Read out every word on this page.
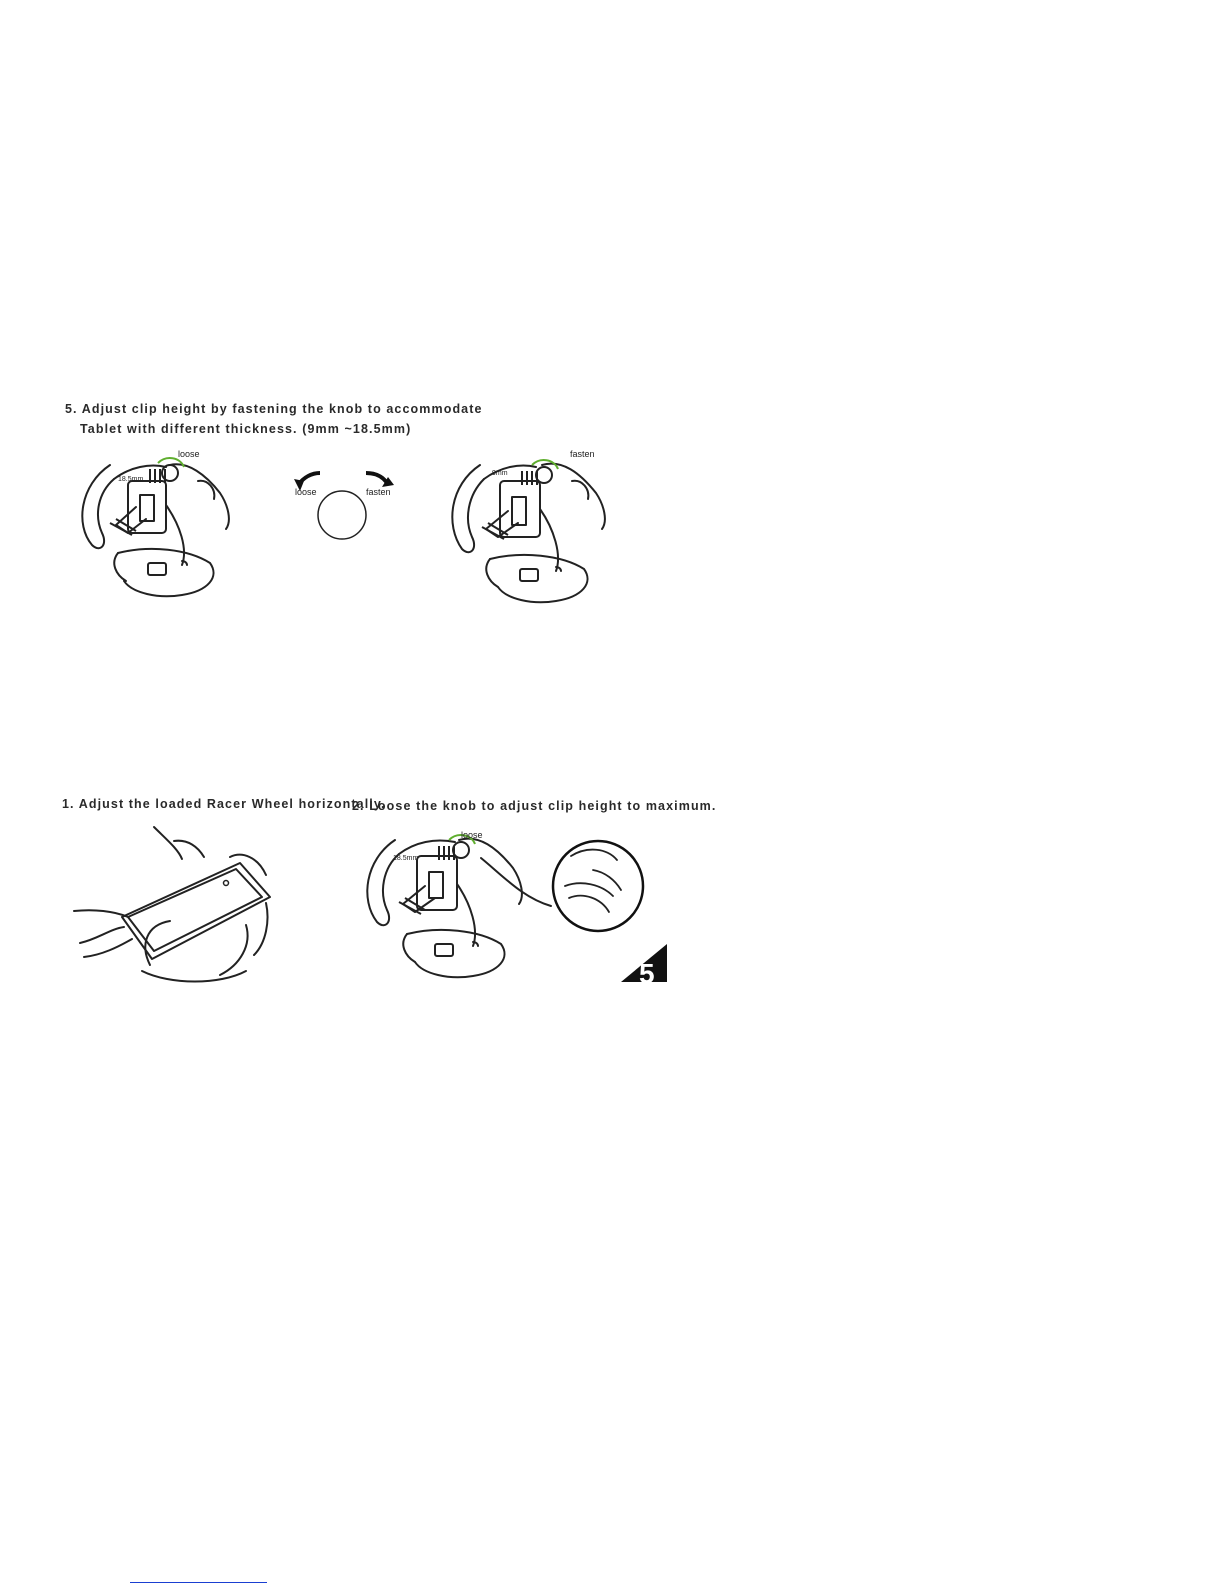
5. Adjust clip height by fastening the knob to accommodate
Tablet with different thickness. (9mm ~18.5mm)
18.5mm
loose
loose	fasten
9mm
fasten
1. Adjust the loaded Racer Wheel horizontally.
2. Loose the knob to adjust clip height to maximum.
5
18.5mm
loose
